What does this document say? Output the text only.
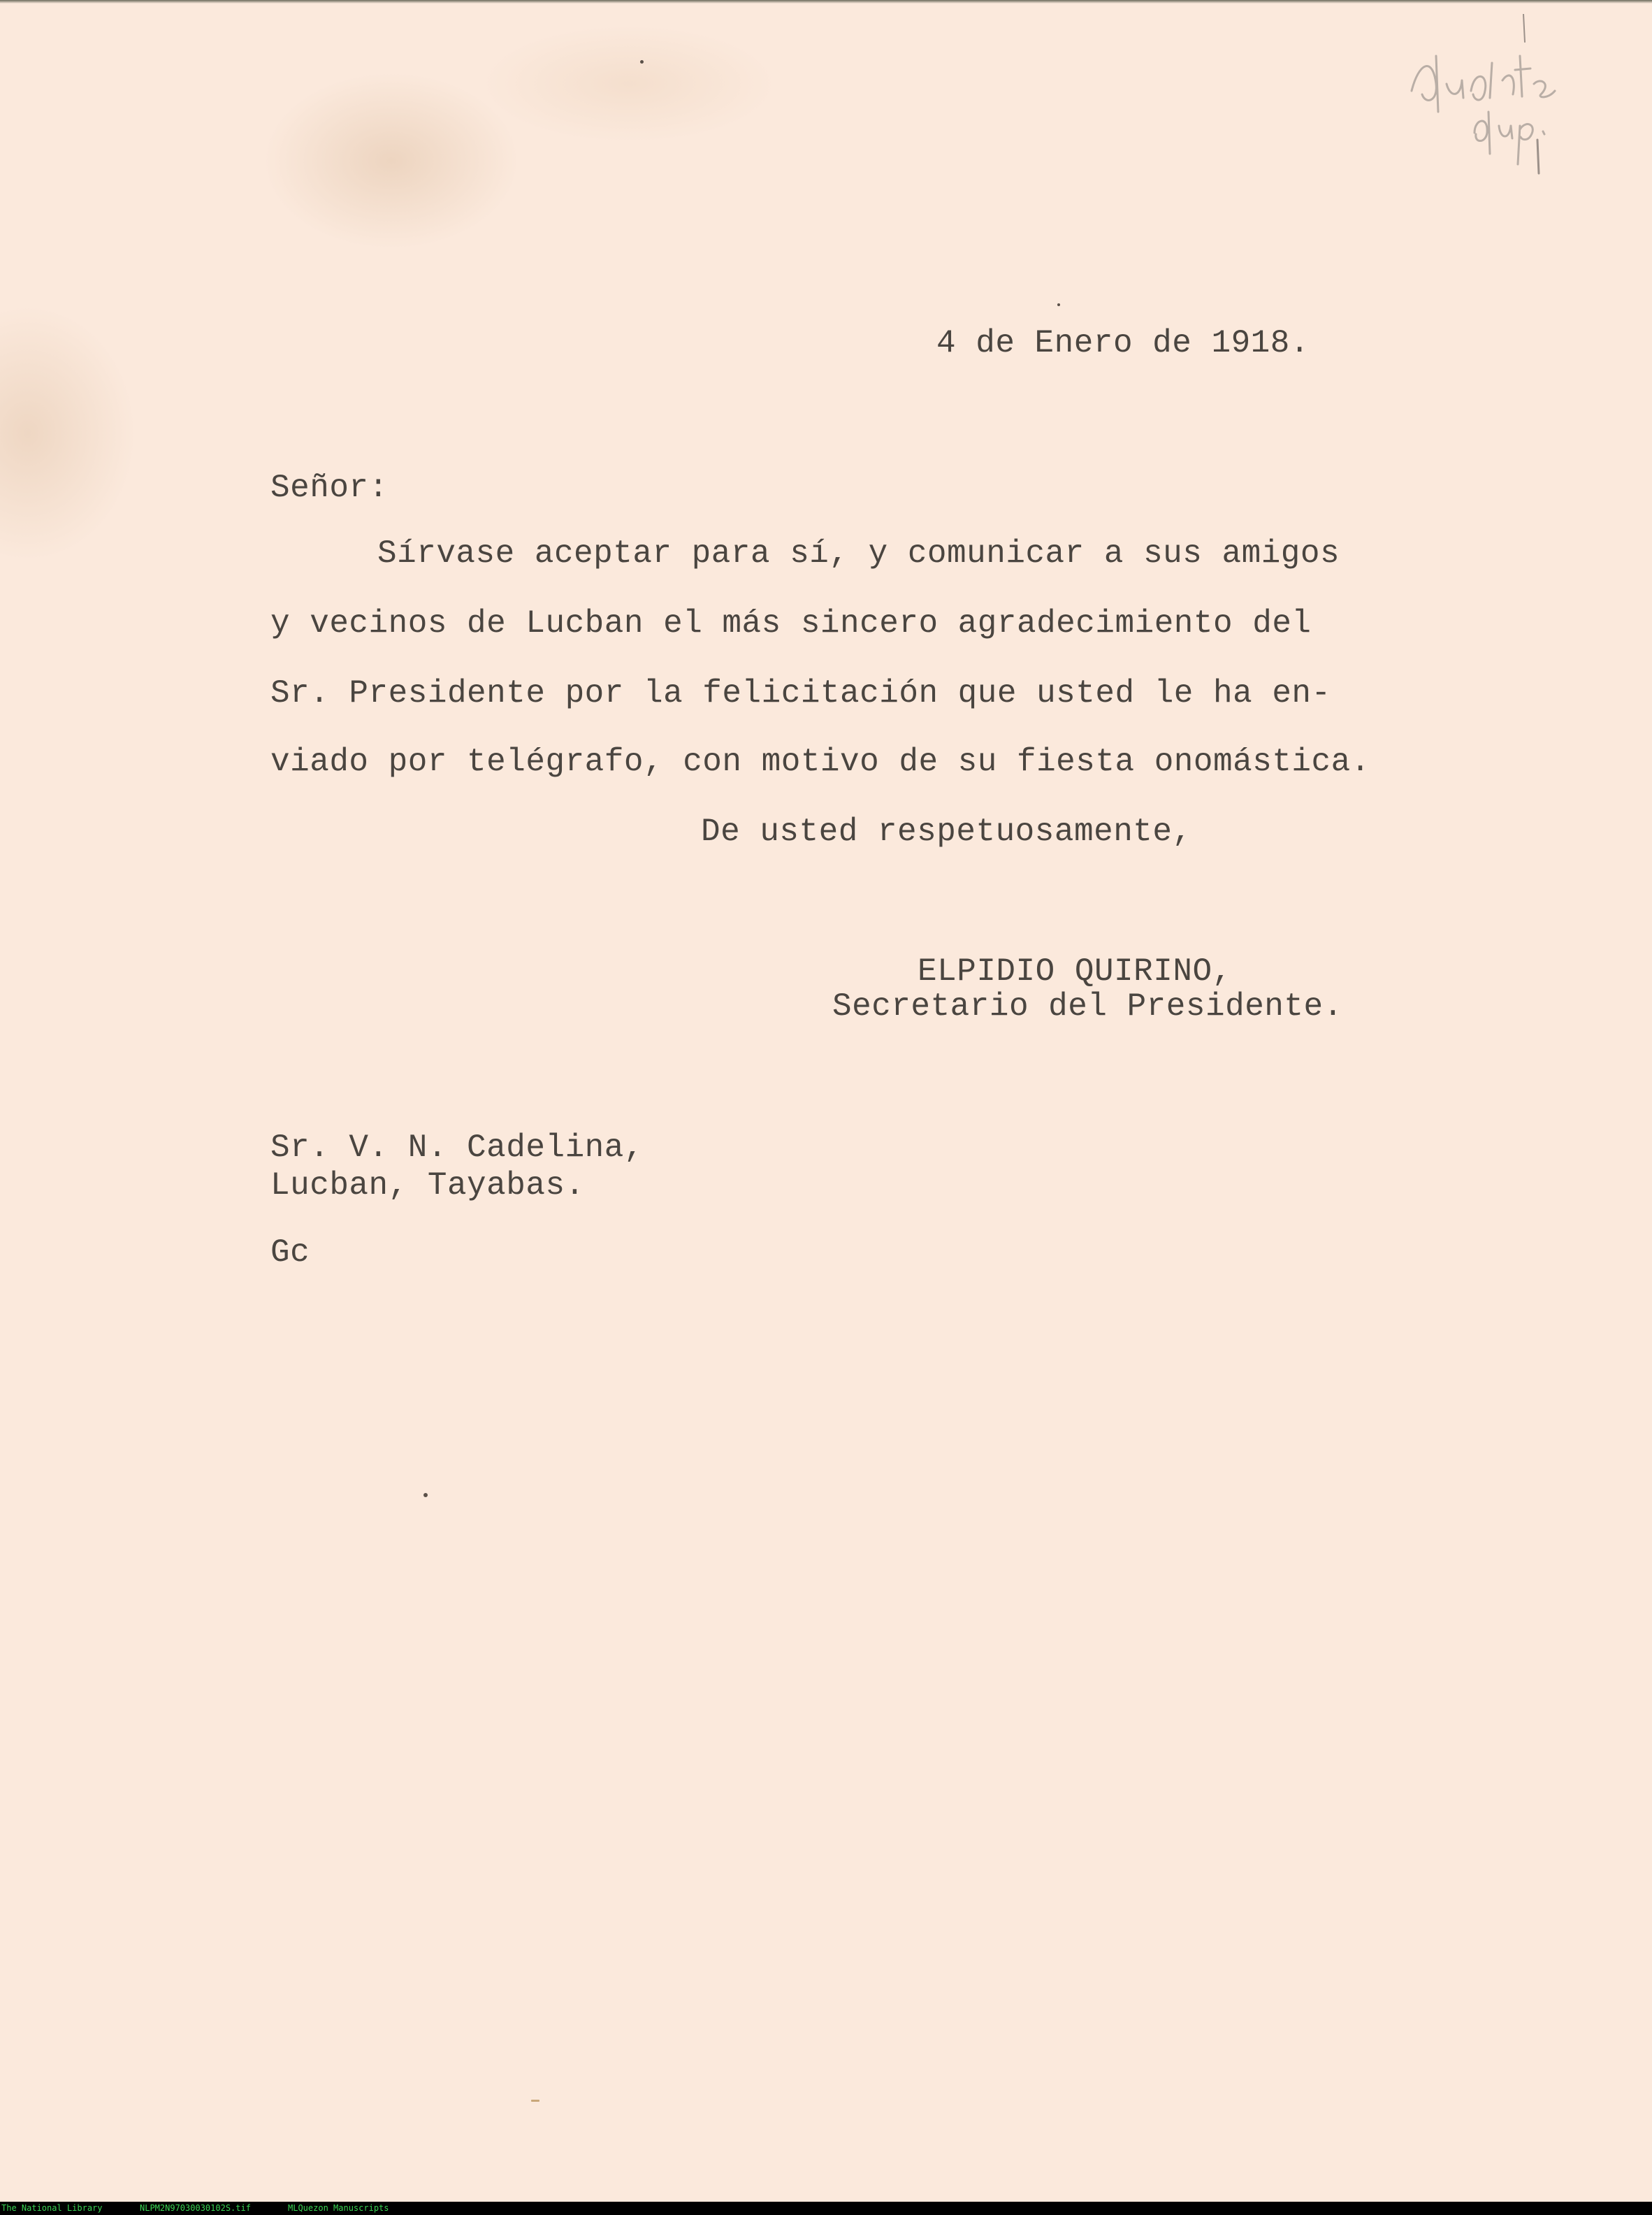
4 de Enero de 1918.
Señor:
Sírvase aceptar para sí, y comunicar a sus amigos
y vecinos de Lucban el más sincero agradecimiento del
Sr. Presidente por la felicitación que usted le ha en-
viado por telégrafo, con motivo de su fiesta onomástica.
De usted respetuosamente,
ELPIDIO QUIRINO,
Secretario del Presidente.
Sr. V. N. Cadelina,
Lucban, Tayabas.
Gc
The National Library	NLPM2N97030030102S.tif	MLQuezon Manuscripts
